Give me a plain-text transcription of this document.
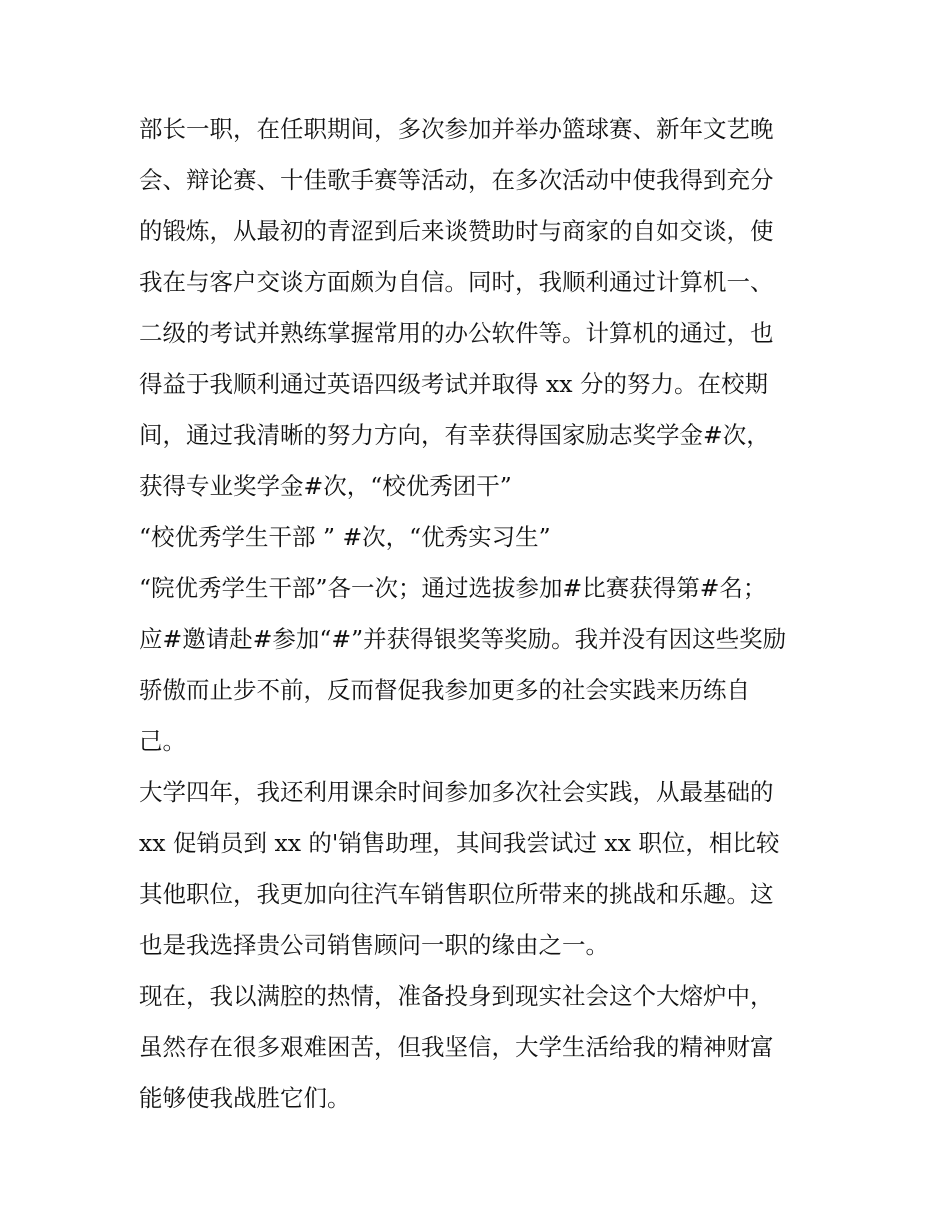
部长一职，在任职期间，多次参加并举办篮球赛、新年文艺晚
会、辩论赛、十佳歌手赛等活动，在多次活动中使我得到充分
的锻炼，从最初的青涩到后来谈赞助时与商家的自如交谈，使
我在与客户交谈方面颇为自信。同时，我顺利通过计算机一、
二级的考试并熟练掌握常用的办公软件等。计算机的通过，也
得益于我顺利通过英语四级考试并取得 xx 分的努力。在校期
间，通过我清晰的努力方向，有幸获得国家励志奖学金#次，
获得专业奖学金#次，“校优秀团干”
“校优秀学生干部 ” #次，“优秀实习生”
“院优秀学生干部”各一次；通过选拔参加#比赛获得第#名；
应#邀请赴#参加“#”并获得银奖等奖励。我并没有因这些奖励
骄傲而止步不前，反而督促我参加更多的社会实践来历练自
己。
大学四年，我还利用课余时间参加多次社会实践，从最基础的
xx 促销员到 xx 的'销售助理，其间我尝试过 xx 职位，相比较
其他职位，我更加向往汽车销售职位所带来的挑战和乐趣。这
也是我选择贵公司销售顾问一职的缘由之一。
现在，我以满腔的热情，准备投身到现实社会这个大熔炉中，
虽然存在很多艰难困苦，但我坚信，大学生活给我的精神财富
能够使我战胜它们。
